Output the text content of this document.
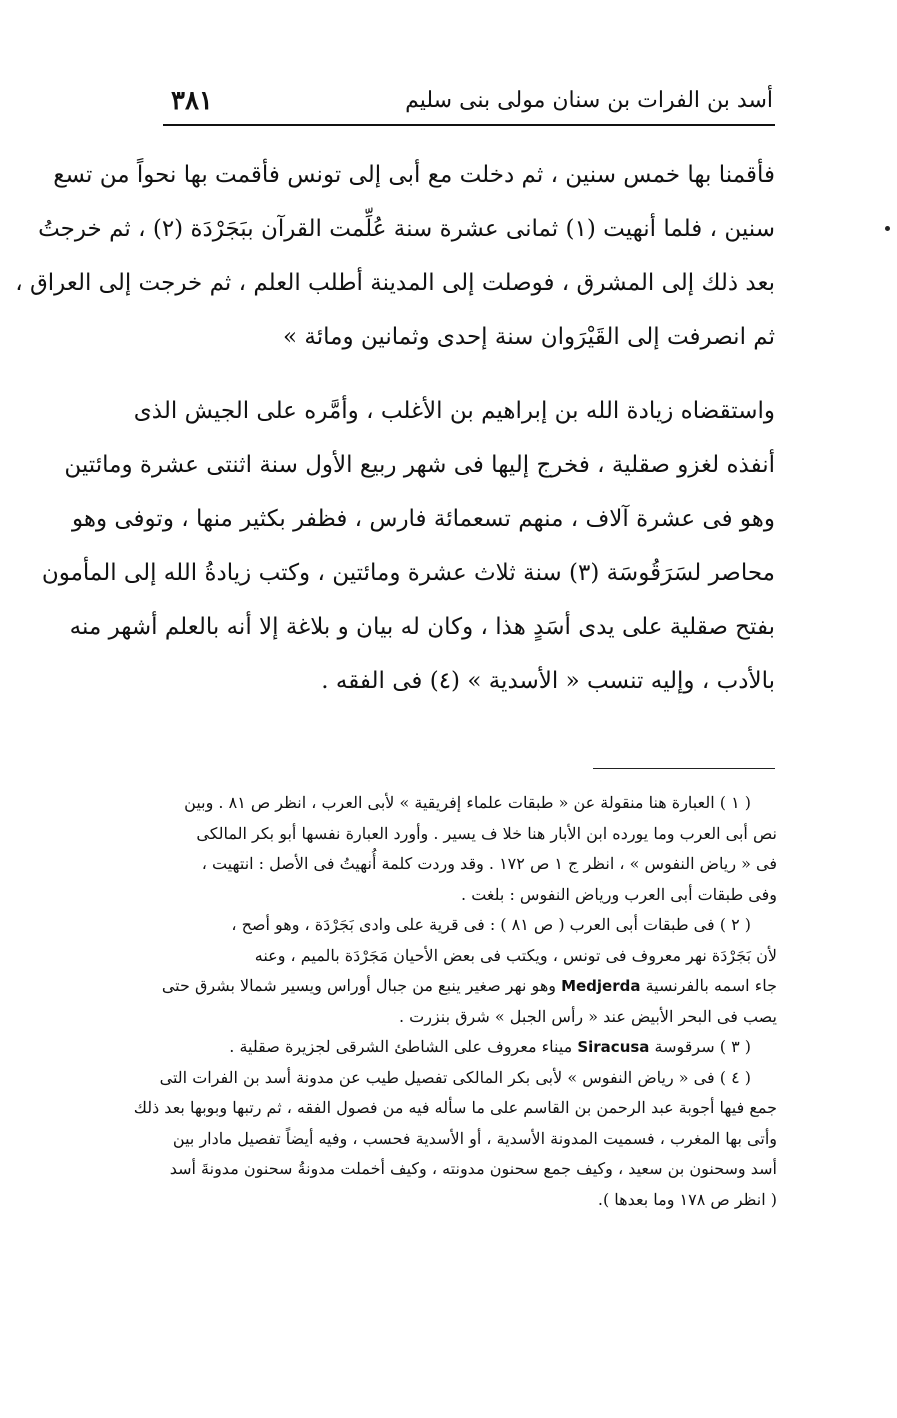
أسد بن الفرات بن سنان مولى بنى سليم
٣٨١
فأقمنا بها خمس سنين ، ثم دخلت مع أبى إلى تونس فأقمت بها نحواً من تسع
سنين ، فلما أنهيت (١) ثمانى عشرة سنة عُلِّمت القرآن ببَجَرْدَة (٢) ، ثم خرجتُ
بعد ذلك إلى المشرق ، فوصلت إلى المدينة أطلب العلم ، ثم خرجت إلى العراق ،
ثم انصرفت إلى القَيْرَوان سنة إحدى وثمانين ومائة »
واستقضاه زيادة الله بن إبراهيم بن الأغلب ، وأمَّره على الجيش الذى
أنفذه لغزو صقلية ، فخرج إليها فى شهر ربيع الأول سنة اثنتى عشرة ومائتين
وهو فى عشرة آلاف ، منهم تسعمائة فارس ، فظفر بكثير منها ، وتوفى وهو
محاصر لسَرَقُوسَة (٣) سنة ثلاث عشرة ومائتين ، وكتب زيادةُ الله إلى المأمون
بفتح صقلية على يدى أسَدٍ هذا ، وكان له بيان و بلاغة إلا أنه بالعلم أشهر منه
بالأدب ، وإليه تنسب « الأسدية » (٤) فى الفقه .
( ١ ) العبارة هنا منقولة عن « طبقات علماء إفريقية » لأبى العرب ، انظر ص ٨١ . وبين
نص أبى العرب وما يورده ابن الأبار هنا خلا ف يسير . وأورد العبارة نفسها أبو بكر المالكى
فى « رياض النفوس » ، انظر ج ١ ص ١٧٢ . وقد وردت كلمة أُنهيتُ فى الأصل : انتهيت ،
وفى طبقات أبى العرب ورياض النفوس : بلغت .
( ٢ ) فى طبقات أبى العرب ( ص ٨١ ) : فى قرية على وادى بَجَرْدَة ، وهو أصح ،
لأن بَجَرْدَة نهر معروف فى تونس ، ويكتب فى بعض الأحيان مَجَرْدَة بالميم ، وعنه
جاء اسمه بالفرنسية Medjerda وهو نهر صغير ينبع من جبال أوراس ويسير شمالا بشرق حتى
يصب فى البحر الأبيض عند « رأس الجبل » شرق بنزرت .
( ٣ ) سرقوسة Siracusa ميناء معروف على الشاطئ الشرقى لجزيرة صقلية .
( ٤ ) فى « رياض النفوس » لأبى بكر المالكى تفصيل طيب عن مدونة أسد بن الفرات التى
جمع فيها أجوبة عبد الرحمن بن القاسم على ما سأله فيه من فصول الفقه ، ثم رتبها وبوبها بعد ذلك
وأتى بها المغرب ، فسميت المدونة الأسدية ، أو الأسدية فحسب ، وفيه أيضاً تفصيل مادار بين
أسد وسحنون بن سعيد ، وكيف جمع سحنون مدونته ، وكيف أخملت مدونةُ سحنون مدونةَ أسد
( انظر ص ١٧٨ وما بعدها ).
